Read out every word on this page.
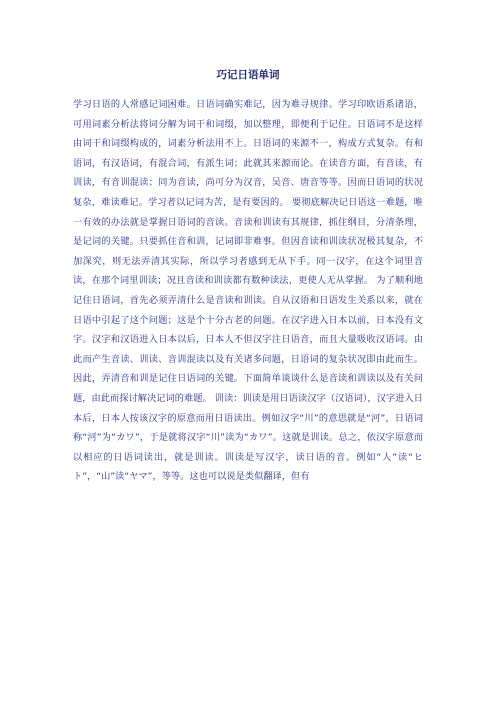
巧记日语单词

学习日语的人常感记词困难。日语词确实难记，因为难寻规律。学习印欧语系诸语，可用词素分析法将词分解为词干和词缀，加以整理，即便利于记住。日语词不是这样由词干和词缀构成的，词素分析法用不上。日语词的来源不一，构成方式复杂。有和语词，有汉语词，有混合词，有派生词；此就其来源而论。在读音方面，有音读，有训读，有音训混读；同为音读，尚可分为汉音，吴音、唐音等等。因而日语词的状况复杂，难读难记。学习者以记词为苦，是有要因的。 要彻底解决记日语这一难题，唯一有效的办法就是掌握日语词的音读。音读和训读有其规律，抓住纲目，分清条理，是记词的关键。只要抓住音和训，记词即非难事。但因音读和训读状况极其复杂，不加深究，则无法弄清其实际，所以学习者感到无从下手。同一汉字，在这个词里音读，在那个词里训读；况且音读和训读都有数种读法，更使人无从掌握。 为了顺利地记住日语词，首先必须弄清什么是音读和训读。自从汉语和日语发生关系以来，就在日语中引起了这个问题；这是个十分古老的问题。在汉字进入日本以前，日本没有文字。汉字和汉语进入日本以后，日本人不但汉字注日语音，而且大量吸收汉语词。由此而产生音读、训读、音训混读以及有关诸多问题，日语词的复杂状况即由此而生。因此，弄清音和训是记住日语词的关键。下面简单谈谈什么是音读和训读以及有关问题，由此而探讨解决记词的难题。 训读：训读是用日语读汉字（汉语词），汉字进入日本后，日本人按该汉字的原意而用日语读出。例如汉字“川”的意思就是“河”，日语词称“河”为“カワ”，于是就将汉字“川”读为“カワ”。这就是训读。总之，依汉字原意而以相应的日语词读出，就是训读。训读是写汉字，读日语的音。例如“人”读“ヒト”，“山”读“ヤマ”，等等。这也可以说是类似翻译，但有
